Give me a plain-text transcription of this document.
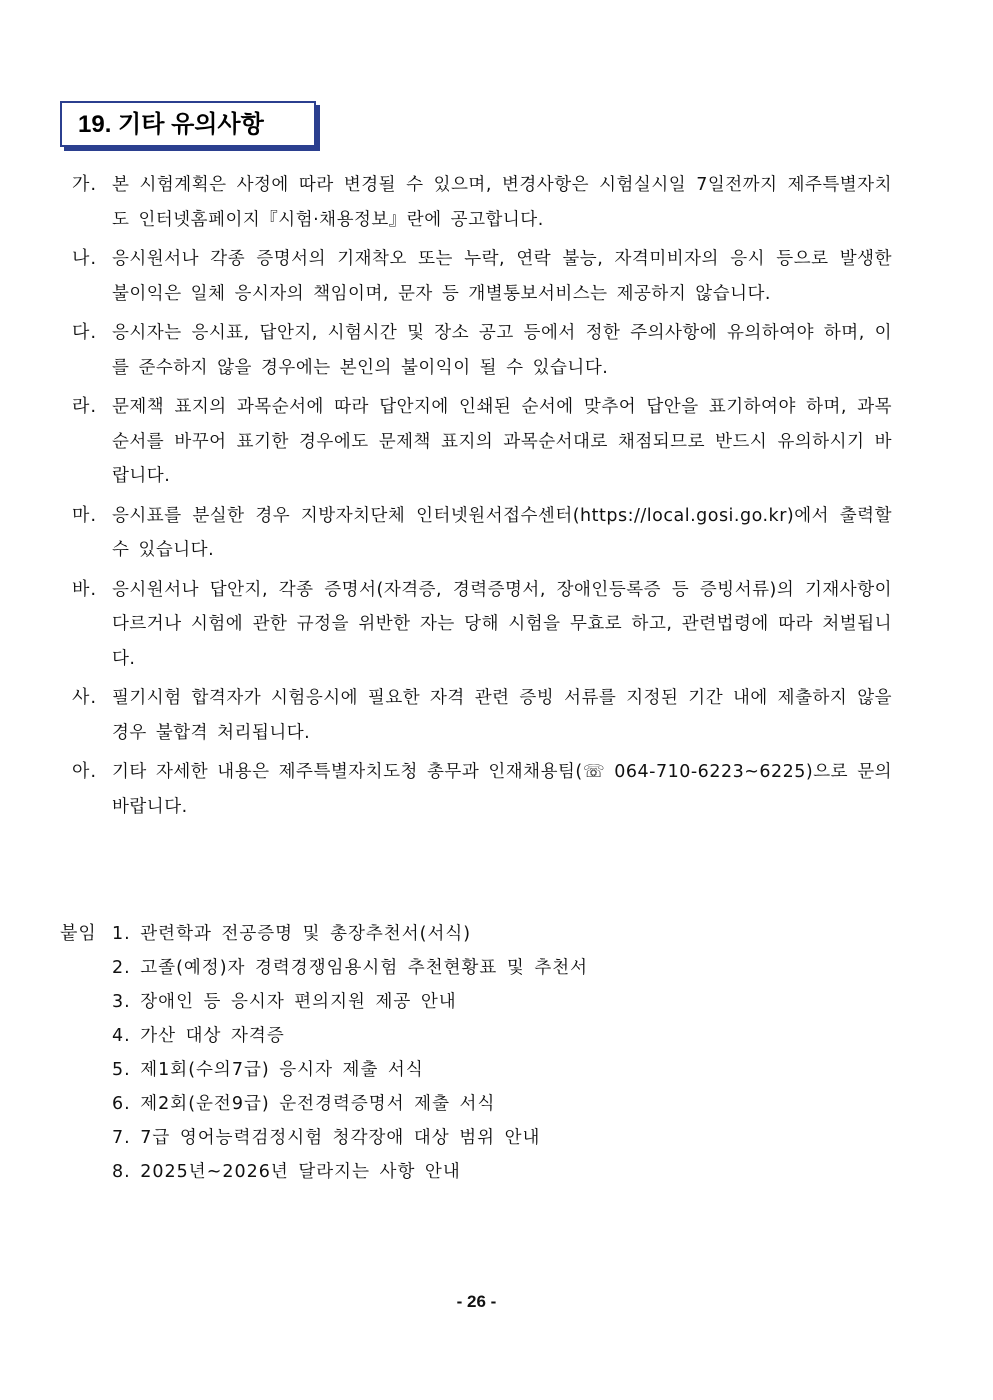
19. 기타 유의사항
가. 본 시험계획은 사정에 따라 변경될 수 있으며, 변경사항은 시험실시일 7일전까지 제주특별자치도 인터넷홈페이지『시험·채용정보』란에 공고합니다.
나. 응시원서나 각종 증명서의 기재착오 또는 누락, 연락 불능, 자격미비자의 응시 등으로 발생한 불이익은 일체 응시자의 책임이며, 문자 등 개별통보서비스는 제공하지 않습니다.
다. 응시자는 응시표, 답안지, 시험시간 및 장소 공고 등에서 정한 주의사항에 유의하여야 하며, 이를 준수하지 않을 경우에는 본인의 불이익이 될 수 있습니다.
라. 문제책 표지의 과목순서에 따라 답안지에 인쇄된 순서에 맞추어 답안을 표기하여야 하며, 과목 순서를 바꾸어 표기한 경우에도 문제책 표지의 과목순서대로 채점되므로 반드시 유의하시기 바랍니다.
마. 응시표를 분실한 경우 지방자치단체 인터넷원서접수센터(https://local.gosi.go.kr)에서 출력할 수 있습니다.
바. 응시원서나 답안지, 각종 증명서(자격증, 경력증명서, 장애인등록증 등 증빙서류)의 기재사항이 다르거나 시험에 관한 규정을 위반한 자는 당해 시험을 무효로 하고, 관련법령에 따라 처벌됩니다.
사. 필기시험 합격자가 시험응시에 필요한 자격 관련 증빙 서류를 지정된 기간 내에 제출하지 않을 경우 불합격 처리됩니다.
아. 기타 자세한 내용은 제주특별자치도청 총무과 인재채용팀(☏ 064-710-6223~6225)으로 문의 바랍니다.
붙임 1. 관련학과 전공증명 및 총장추천서(서식)
2. 고졸(예정)자 경력경쟁임용시험 추천현황표 및 추천서
3. 장애인 등 응시자 편의지원 제공 안내
4. 가산 대상 자격증
5. 제1회(수의7급) 응시자 제출 서식
6. 제2회(운전9급) 운전경력증명서 제출 서식
7. 7급 영어능력검정시험 청각장애 대상 범위 안내
8. 2025년~2026년 달라지는 사항 안내
- 26 -
